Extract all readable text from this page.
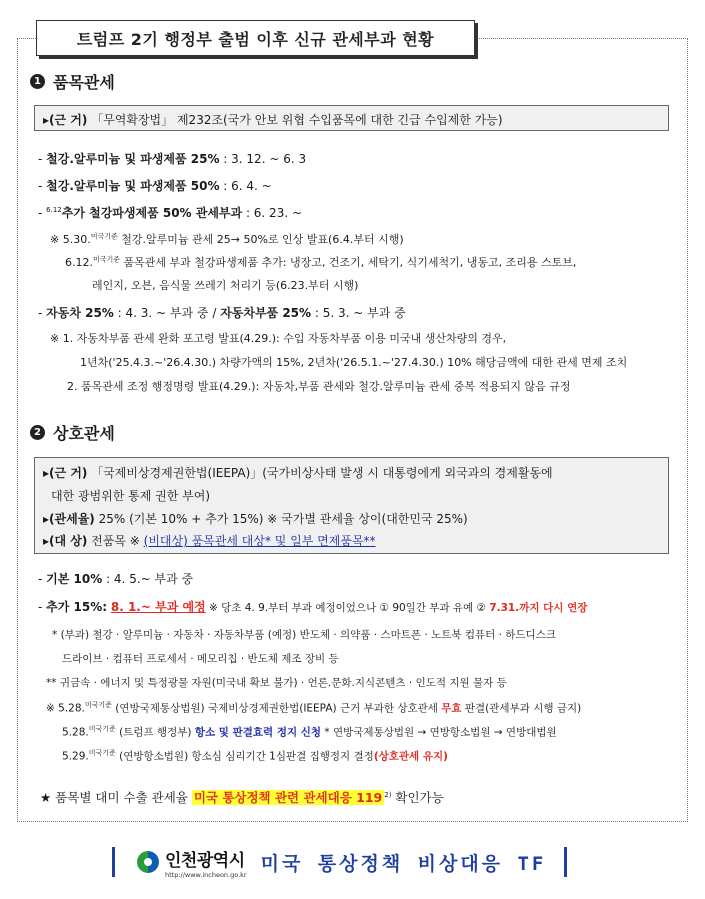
트럼프 2기 행정부 출범 이후 신규 관세부과 현황
1 품목관세
▸(근 거) 「무역확장법」 제232조(국가 안보 위협 수입품목에 대한 긴급 수입제한 가능)
- 철강.알루미늄 및 파생제품 25% : 3. 12. ~ 6. 3
- 철강.알루미늄 및 파생제품 50% : 6. 4. ~
- $^{6.12}$추가 철강파생제품 50% 관세부과 : 6. 23. ~
※ 5.30.$^{미국기준}$ 철강.알루미늄 관세 25→ 50%로 인상 발표(6.4.부터 시행)
6.12.$^{미국기준}$ 품목관세 부과 철강파생제품 추가: 냉장고, 건조기, 세탁기, 식기세척기, 냉동고, 조리용 스토브,
레인지, 오븐, 음식물 쓰레기 처리기 등(6.23.부터 시행)
- 자동차 25% : 4. 3. ~ 부과 중 / 자동차부품 25% : 5. 3. ~ 부과 중
※ 1. 자동차부품 관세 완화 포고령 발표(4.29.): 수입 자동차부품 이용 미국내 생산차량의 경우,
1년차('25.4.3.~'26.4.30.) 차량가액의 15%, 2년차('26.5.1.~'27.4.30.) 10% 해당금액에 대한 관세 면제 조치
2. 품목관세 조정 행정명령 발표(4.29.): 자동차,부품 관세와 철강.알루미늄 관세 중복 적용되지 않음 규정
2 상호관세
▸(근 거) 「국제비상경제권한법(IEEPA)」(국가비상사태 발생 시 대통령에게 외국과의 경제활동에
대한 광범위한 통제 권한 부여)
▸(관세율) 25% (기본 10% + 추가 15%) ※ 국가별 관세율 상이(대한민국 25%)
▸(대 상) 전품목 ※ (비대상) 품목관세 대상* 및 일부 면제품목**
- 기본 10% : 4. 5.~ 부과 중
- 추가 15%: 8. 1.~ 부과 예정 ※ 당초 4. 9.부터 부과 예정이었으나 ① 90일간 부과 유예 ② 7.31.까지 다시 연장
* (부과) 철강 · 알루미늄 · 자동차 · 자동차부품 (예정) 반도체 · 의약품 · 스마트폰 · 노트북 컴퓨터 · 하드디스크
드라이브 · 컴퓨터 프로세서 · 메모리칩 · 반도체 제조 장비 등
** 귀금속 · 에너지 및 특정광물 자원(미국내 확보 불가) · 언론.문화.지식콘텐츠 · 인도적 지원 물자 등
※ 5.28.$^{미국기준}$ (연방국제통상법원) 국제비상경제권한법(IEEPA) 근거 부과한 상호관세 무효 판결(관세부과 시행 금지)
5.28.$^{미국기준}$ (트럼프 행정부) 항소 및 판결효력 정지 신청 * 연방국제통상법원 → 연방항소법원 → 연방대법원
5.29.$^{미국기준}$ (연방항소법원) 항소심 심리기간 1심판결 집행정지 결정(상호관세 유지)
★ 품목별 대미 수출 관세율 미국 통상정책 관련 관세대응 119 $^{2)}$ 확인가능
인천광역시
http://www.incheon.go.kr 미국 통상정책 비상대응 TF
